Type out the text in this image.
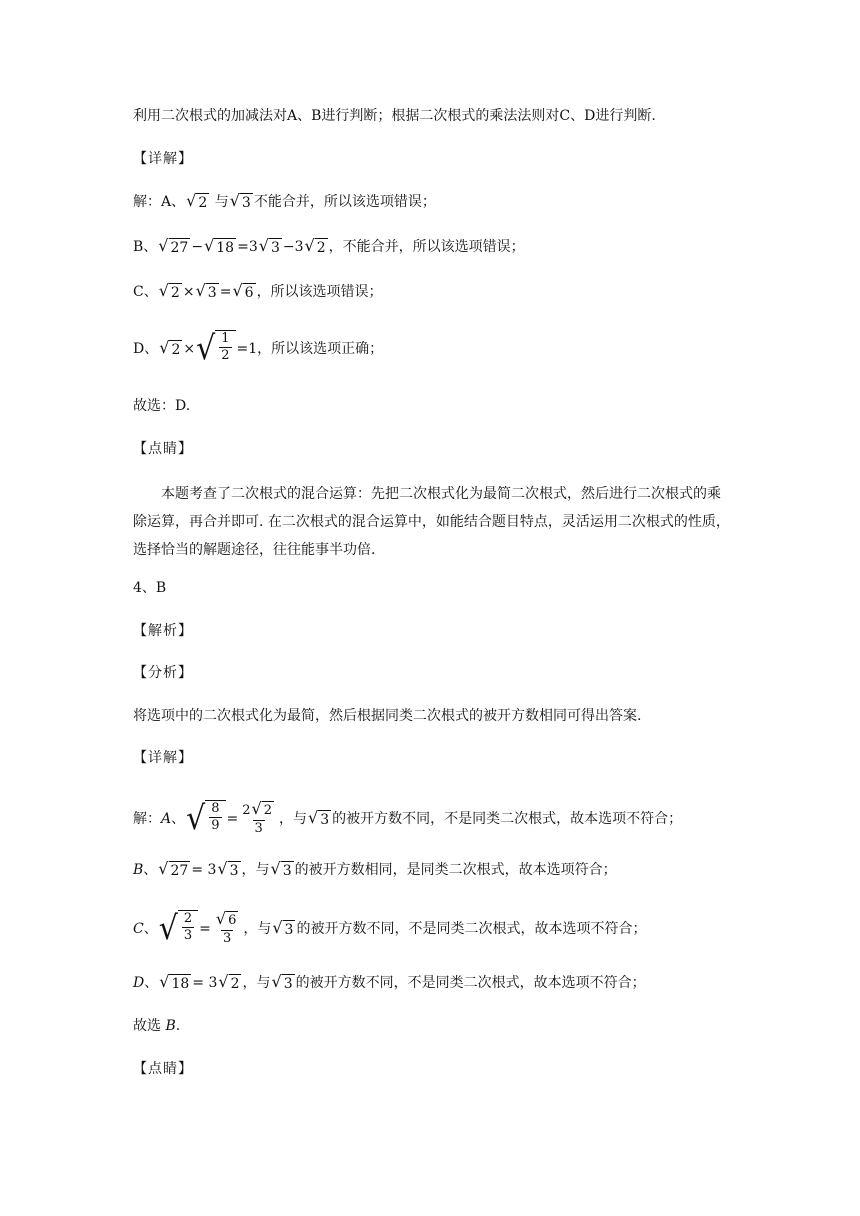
利用二次根式的加减法对A、B进行判断；根据二次根式的乘法法则对C、D进行判断.
【详解】
解：A、 √ 2 与 √ 3 不能合并，所以该选项错误；
B、 √ 27 − √ 18 =3 √ 3 −3 √ 2 ，不能合并，所以该选项错误；
C、 √ 2 × √ 3 = √ 6 ，所以该选项错误；
D、 √ 2 × √ $\frac{1}{2} =1$，所以该选项正确；
故选：D.
【点睛】
本题考查了二次根式的混合运算：先把二次根式化为最简二次根式，然后进行二次根式的乘除运算，再合并即可. 在二次根式的混合运算中，如能结合题目特点，灵活运用二次根式的性质，选择恰当的解题途径，往往能事半功倍.
4、B
【解析】
【分析】
将选项中的二次根式化为最简，然后根据同类二次根式的被开方数相同可得出答案.
【详解】
解：A、 √ $\frac{8}{9} = \frac{2 √ 2}{3}$ ，与 √ 3 的被开方数不同，不是同类二次根式，故本选项不符合；
B、 √ 27 = 3 √ 3 ，与 √ 3 的被开方数相同，是同类二次根式，故本选项符合；
C、 √ $\frac{2}{3} = \frac{√ 6}{3}$ ，与 √ 3 的被开方数不同，不是同类二次根式，故本选项不符合；
D、 √ 18 = 3 √ 2 ，与 √ 3 的被开方数不同，不是同类二次根式，故本选项不符合；
故选 B.
【点睛】
